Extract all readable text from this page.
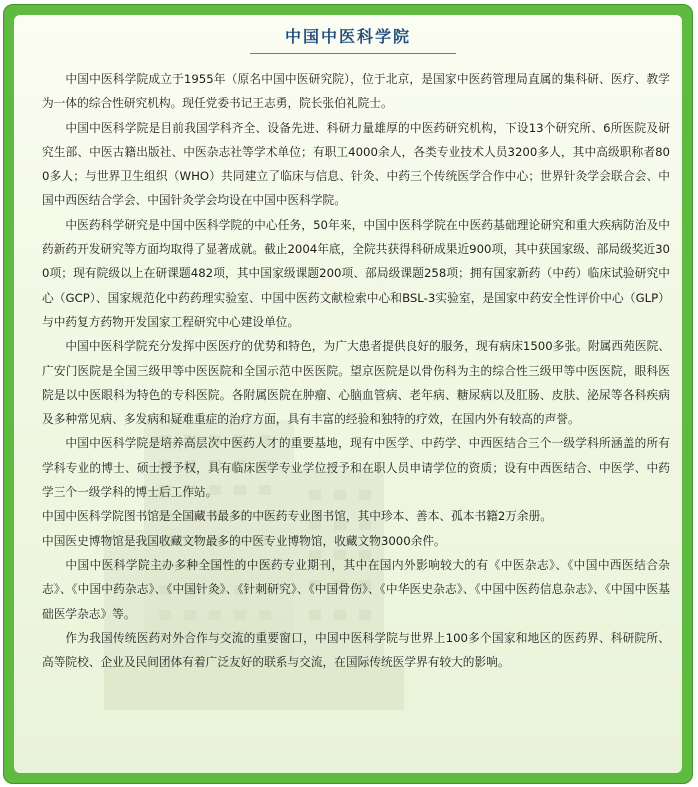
中国中医科学院

中国中医科学院成立于1955年（原名中国中医研究院），位于北京，是国家中医药管理局直属的集科研、医疗、教学为一体的综合性研究机构。现任党委书记王志勇，院长张伯礼院士。

中国中医科学院是目前我国学科齐全、设备先进、科研力量雄厚的中医药研究机构，下设13个研究所、6所医院及研究生部、中医古籍出版社、中医杂志社等学术单位；有职工4000余人，各类专业技术人员3200多人，其中高级职称者800多人；与世界卫生组织（WHO）共同建立了临床与信息、针灸、中药三个传统医学合作中心；世界针灸学会联合会、中国中西医结合学会、中国针灸学会均设在中国中医科学院。

中医药科学研究是中国中医科学院的中心任务，50年来，中国中医科学院在中医药基础理论研究和重大疾病防治及中药新药开发研究等方面均取得了显著成就。截止2004年底，全院共获得科研成果近900项，其中获国家级、部局级奖近300项；现有院级以上在研课题482项，其中国家级课题200项、部局级课题258项；拥有国家新药（中药）临床试验研究中心（GCP）、国家规范化中药药理实验室、中国中医药文献检索中心和BSL-3实验室，是国家中药安全性评价中心（GLP）与中药复方药物开发国家工程研究中心建设单位。

中国中医科学院充分发挥中医医疗的优势和特色，为广大患者提供良好的服务，现有病床1500多张。附属西苑医院、广安门医院是全国三级甲等中医医院和全国示范中医医院。望京医院是以骨伤科为主的综合性三级甲等中医医院，眼科医院是以中医眼科为特色的专科医院。各附属医院在肿瘤、心脑血管病、老年病、糖尿病以及肛肠、皮肤、泌尿等各科疾病及多种常见病、多发病和疑难重症的治疗方面，具有丰富的经验和独特的疗效，在国内外有较高的声誉。

中国中医科学院是培养高层次中医药人才的重要基地，现有中医学、中药学、中西医结合三个一级学科所涵盖的所有学科专业的博士、硕士授予权，具有临床医学专业学位授予和在职人员申请学位的资质；设有中西医结合、中医学、中药学三个一级学科的博士后工作站。

中国中医科学院图书馆是全国藏书最多的中医药专业图书馆，其中珍本、善本、孤本书籍2万余册。

中国医史博物馆是我国收藏文物最多的中医专业博物馆，收藏文物3000余件。

中国中医科学院主办多种全国性的中医药专业期刊，其中在国内外影响较大的有《中医杂志》、《中国中西医结合杂志》、《中国中药杂志》、《中国针灸》、《针刺研究》、《中国骨伤》、《中华医史杂志》、《中国中医药信息杂志》、《中国中医基础医学杂志》等。

作为我国传统医药对外合作与交流的重要窗口，中国中医科学院与世界上100多个国家和地区的医药界、科研院所、高等院校、企业及民间团体有着广泛友好的联系与交流，在国际传统医学界有较大的影响。
